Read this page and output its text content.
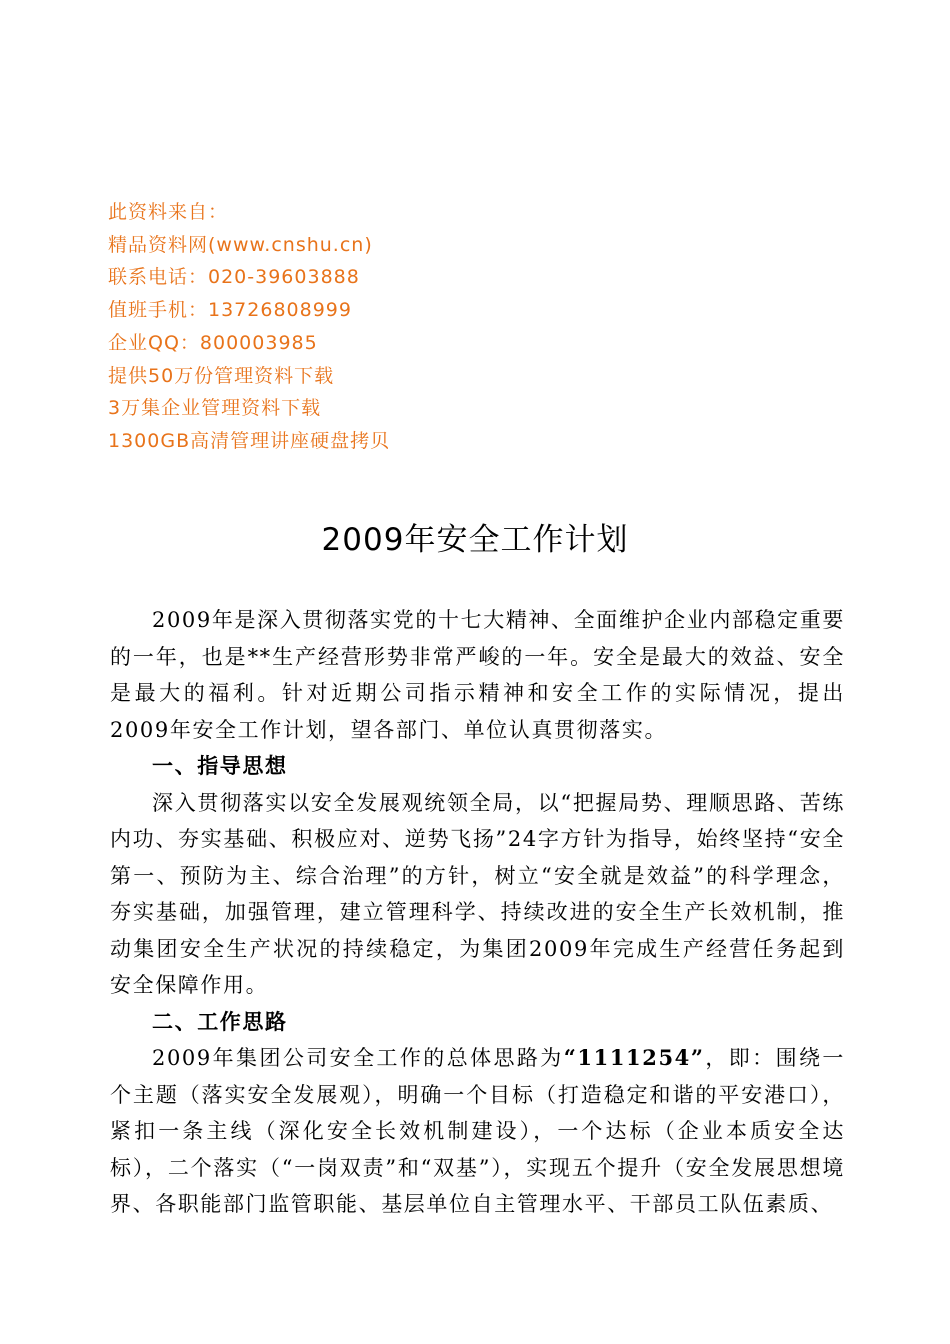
此资料来自：
精品资料网(www.cnshu.cn)
联系电话：020-39603888
值班手机：13726808999
企业QQ：800003985
提供50万份管理资料下载
3万集企业管理资料下载
1300GB高清管理讲座硬盘拷贝
2009年安全工作计划

2009年是深入贯彻落实党的十七大精神、全面维护企业内部稳定重要的一年，也是**生产经营形势非常严峻的一年。安全是最大的效益、安全是最大的福利。针对近期公司指示精神和安全工作的实际情况，提出2009年安全工作计划，望各部门、单位认真贯彻落实。

一、指导思想

深入贯彻落实以安全发展观统领全局，以“把握局势、理顺思路、苦练内功、夯实基础、积极应对、逆势飞扬”24字方针为指导，始终坚持“安全第一、预防为主、综合治理”的方针，树立“安全就是效益”的科学理念，夯实基础，加强管理，建立管理科学、持续改进的安全生产长效机制，推动集团安全生产状况的持续稳定，为集团2009年完成生产经营任务起到安全保障作用。

二、工作思路

2009年集团公司安全工作的总体思路为“1111254”，即：围绕一个主题（落实安全发展观），明确一个目标（打造稳定和谐的平安港口），紧扣一条主线（深化安全长效机制建设），一个达标（企业本质安全达标），二个落实（“一岗双责”和“双基”），实现五个提升（安全发展思想境界、各职能部门监管职能、基层单位自主管理水平、干部员工队伍素质、
